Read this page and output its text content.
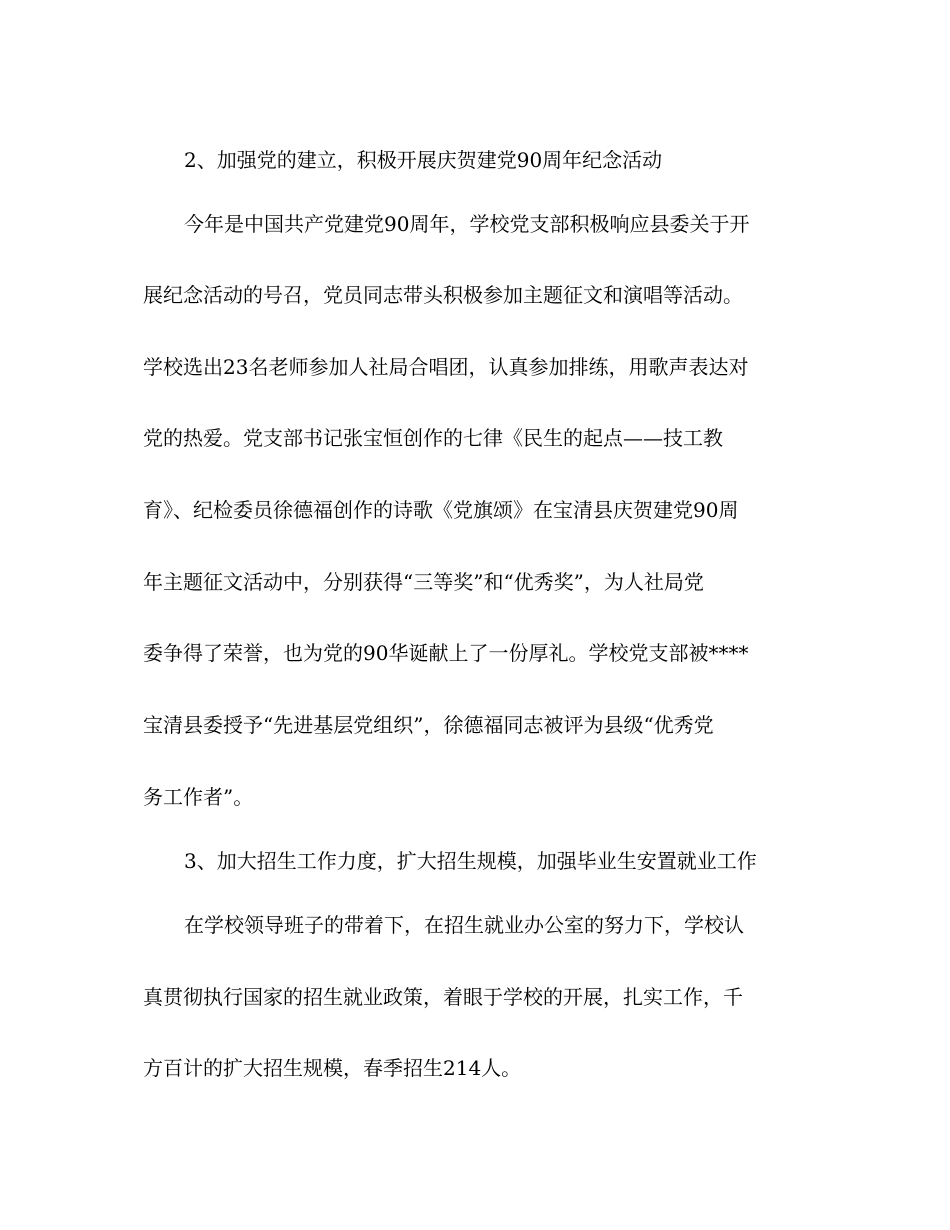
2、加强党的建立，积极开展庆贺建党90周年纪念活动

今年是中国共产党建党90周年，学校党支部积极响应县委关于开

展纪念活动的号召，党员同志带头积极参加主题征文和演唱等活动。

学校选出23名老师参加人社局合唱团，认真参加排练，用歌声表达对

党的热爱。党支部书记张宝恒创作的七律《民生的起点——技工教

育》、纪检委员徐德福创作的诗歌《党旗颂》在宝清县庆贺建党90周

年主题征文活动中，分别获得“三等奖”和“优秀奖”，为人社局党

委争得了荣誉，也为党的90华诞献上了一份厚礼。学校党支部被****

宝清县委授予“先进基层党组织”，徐德福同志被评为县级“优秀党

务工作者”。

3、加大招生工作力度，扩大招生规模，加强毕业生安置就业工作

在学校领导班子的带着下，在招生就业办公室的努力下，学校认

真贯彻执行国家的招生就业政策，着眼于学校的开展，扎实工作，千

方百计的扩大招生规模，春季招生214人。
